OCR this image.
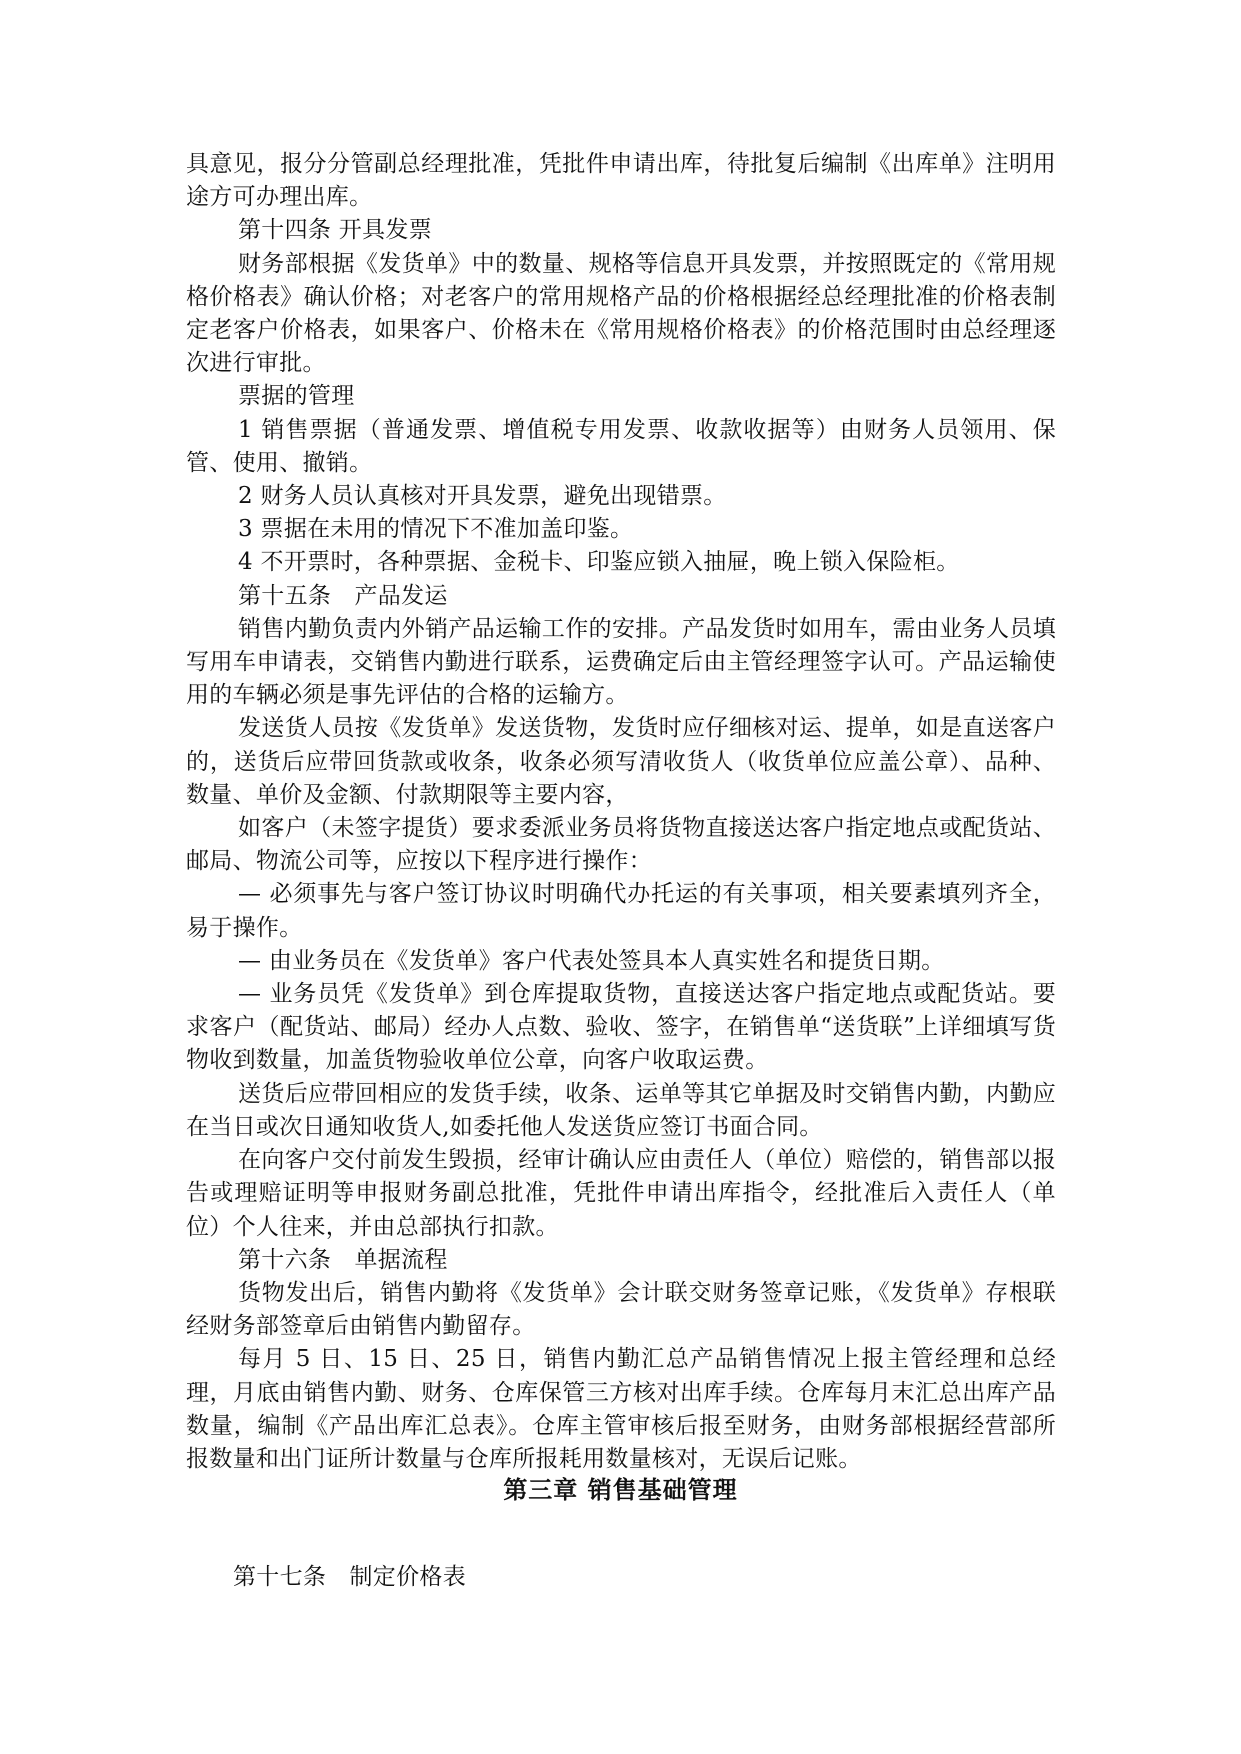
具意见，报分分管副总经理批准，凭批件申请出库，待批复后编制《出库单》注明用途方可办理出库。

第十四条 开具发票

财务部根据《发货单》中的数量、规格等信息开具发票，并按照既定的《常用规格价格表》确认价格；对老客户的常用规格产品的价格根据经总经理批准的价格表制定老客户价格表，如果客户、价格未在《常用规格价格表》的价格范围时由总经理逐次进行审批。

票据的管理

1 销售票据（普通发票、增值税专用发票、收款收据等）由财务人员领用、保管、使用、撤销。

2 财务人员认真核对开具发票，避免出现错票。

3 票据在未用的情况下不准加盖印鉴。

4 不开票时，各种票据、金税卡、印鉴应锁入抽屉，晚上锁入保险柜。

第十五条　产品发运

销售内勤负责内外销产品运输工作的安排。产品发货时如用车，需由业务人员填写用车申请表，交销售内勤进行联系，运费确定后由主管经理签字认可。产品运输使用的车辆必须是事先评估的合格的运输方。

发送货人员按《发货单》发送货物，发货时应仔细核对运、提单，如是直送客户的，送货后应带回货款或收条，收条必须写清收货人（收货单位应盖公章）、品种、数量、单价及金额、付款期限等主要内容，

如客户（未签字提货）要求委派业务员将货物直接送达客户指定地点或配货站、邮局、物流公司等，应按以下程序进行操作：

— 必须事先与客户签订协议时明确代办托运的有关事项，相关要素填列齐全，易于操作。

— 由业务员在《发货单》客户代表处签具本人真实姓名和提货日期。

— 业务员凭《发货单》到仓库提取货物，直接送达客户指定地点或配货站。要求客户（配货站、邮局）经办人点数、验收、签字，在销售单“送货联”上详细填写货物收到数量，加盖货物验收单位公章，向客户收取运费。

送货后应带回相应的发货手续，收条、运单等其它单据及时交销售内勤，内勤应在当日或次日通知收货人,如委托他人发送货应签订书面合同。

在向客户交付前发生毁损，经审计确认应由责任人（单位）赔偿的，销售部以报告或理赔证明等申报财务副总批准，凭批件申请出库指令，经批准后入责任人（单位）个人往来，并由总部执行扣款。

第十六条　单据流程

货物发出后，销售内勤将《发货单》会计联交财务签章记账，《发货单》存根联经财务部签章后由销售内勤留存。

每月 5 日、15 日、25 日，销售内勤汇总产品销售情况上报主管经理和总经理，月底由销售内勤、财务、仓库保管三方核对出库手续。仓库每月末汇总出库产品数量，编制《产品出库汇总表》。仓库主管审核后报至财务，由财务部根据经营部所报数量和出门证所计数量与仓库所报耗用数量核对，无误后记账。

第三章 销售基础管理
第十七条　制定价格表
